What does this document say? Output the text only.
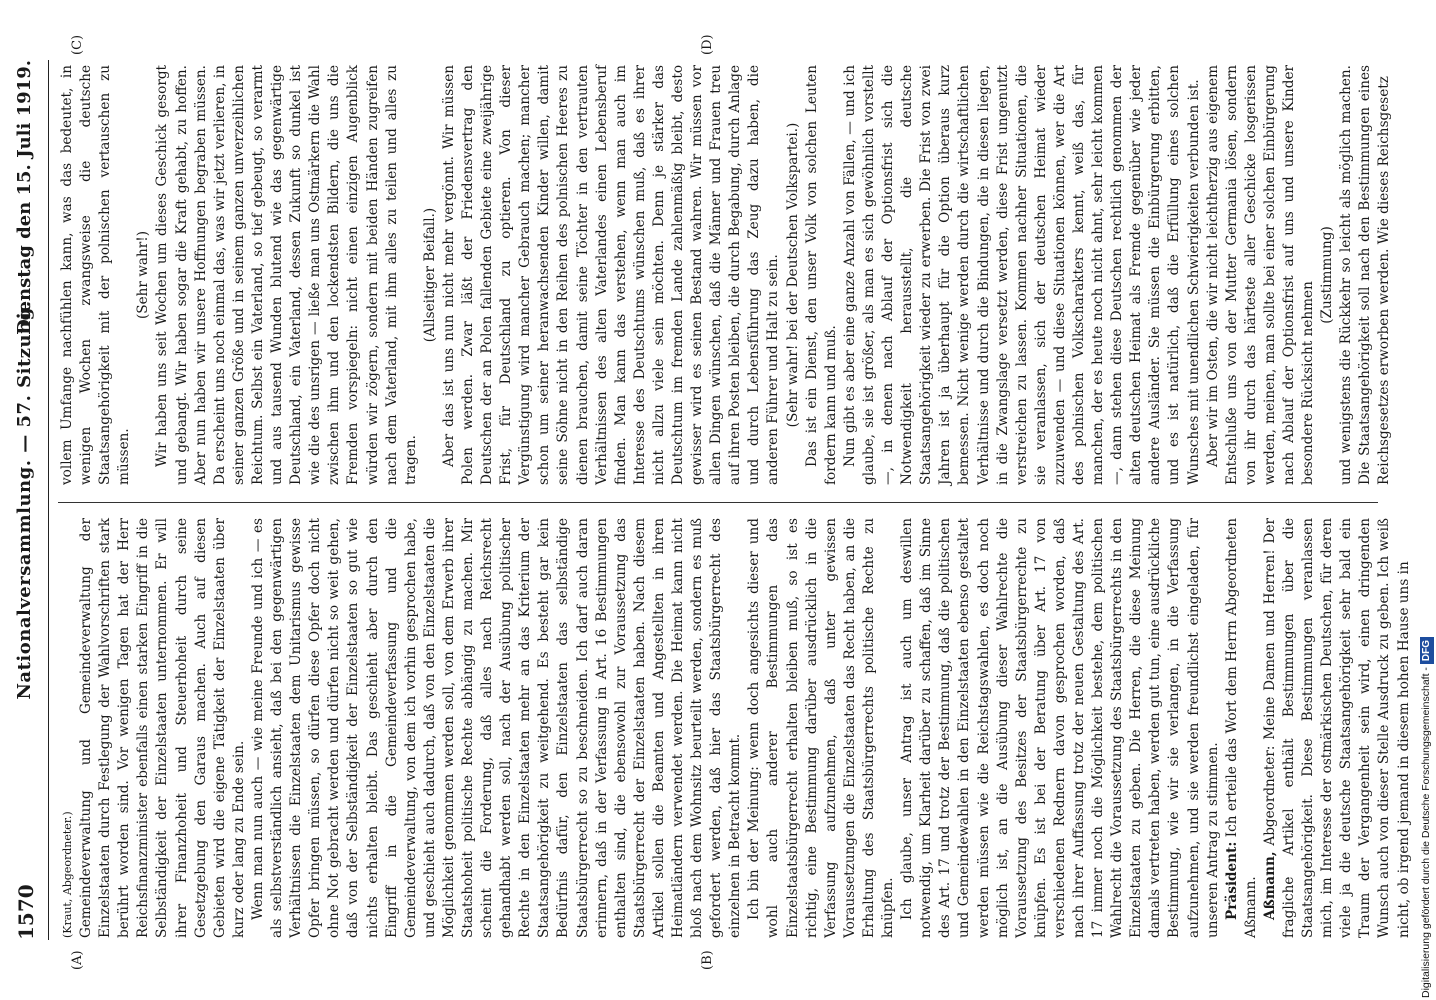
1570
Nationalversammlung. — 57. Sitzung.
Dienstag den 15. Juli 1919.
(A)	(B)
(C)	(D)

(Kraut, Abgeordneter.) Gemeindeverwaltung und Gemeindeverwaltung der Einzelstaaten durch Festlegung der Wahlvorschriften stark berührt worden sind. Vor wenigen Tagen hat der Herr Reichsfinanzminister ebenfalls einen starken Eingriff in die Selbständigkeit der Einzelstaaten unternommen. Er will ihrer Finanzhoheit und Steuerhoheit durch seine Gesetzgebung den Garaus machen. Auch auf diesen Gebieten wird die eigene Tätigkeit der Einzelstaaten über kurz oder lang zu Ende sein. Wenn man nun auch — wie meine Freunde und ich — es als selbstverständlich ansieht, daß bei den gegenwärtigen Verhältnissen die Einzelstaaten dem Unitarismus gewisse Opfer bringen müssen, so dürfen diese Opfer doch nicht ohne Not gebracht werden und dürfen nicht so weit gehen, daß von der Selbständigkeit der Einzelstaaten so gut wie nichts erhalten bleibt. Das geschieht aber durch den Eingriff in die Gemeindeverfassung und die Gemeindeverwaltung, von dem ich vorhin gesprochen habe, und geschieht auch dadurch, daß von den Einzelstaaten die Möglichkeit genommen werden soll, von dem Erwerb ihrer Staatshoheit politische Rechte abhängig zu machen. Mir scheint die Forderung, daß alles nach Reichsrecht gehandhabt werden soll, nach der Ausübung politischer Rechte in den Einzelstaaten mehr an das Kriterium der Staatsangehörigkeit zu weitgehend. Es besteht gar kein Bedürfnis dafür, den Einzelstaaten das selbständige Staatsbürgerrecht so zu beschneiden. Ich darf auch daran erinnern, daß in der Verfassung in Art. 16 Bestimmungen enthalten sind, die ebensowohl zur Voraussetzung das Staatsbürgerrecht der Einzelstaaten haben. Nach diesem Artikel sollen die Beamten und Angestellten in ihren Heimatländern verwendet werden. Die Heimat kann nicht bloß nach dem Wohnsitz beurteilt werden, sondern es muß gefordert werden, daß hier das Staatsbürgerrecht des einzelnen in Betracht kommt. Ich bin der Meinung: wenn doch angesichts dieser und wohl auch anderer Bestimmungen das Einzelstaatsbürgerrecht erhalten bleiben muß, so ist es richtig, eine Bestimmung darüber ausdrücklich in die Verfassung aufzunehmen, daß unter gewissen Voraussetzungen die Einzelstaaten das Recht haben, an die Erhaltung des Staatsbürgerrechts politische Rechte zu knüpfen. Ich glaube, unser Antrag ist auch um deswillen notwendig, um Klarheit darüber zu schaffen, daß im Sinne des Art. 17 und trotz der Bestimmung, daß die politischen und Gemeindewahlen in den Einzelstaaten ebenso gestaltet werden müssen wie die Reichstagswahlen, es doch noch möglich ist, an die Ausübung dieser Wahlrechte die Voraussetzung des Besitzes der Staatsbürgerrechte zu knüpfen. Es ist bei der Beratung über Art. 17 von verschiedenen Rednern davon gesprochen worden, daß nach ihrer Auffassung trotz der neuen Gestaltung des Art. 17 immer noch die Möglichkeit bestehe, dem politischen Wahlrecht die Voraussetzung des Staatsbürgerrechts in den Einzelstaaten zu geben. Die Herren, die diese Meinung damals vertreten haben, werden gut tun, eine ausdrückliche Bestimmung, wie wir sie verlangen, in die Verfassung aufzunehmen, und sie werden freundlichst eingeladen, für unseren Antrag zu stimmen. Präsident: Ich erteile das Wort dem Herrn Abgeordneten Aßmann. Aßmann, Abgeordneter: Meine Damen und Herren! Der fragliche Artikel enthält Bestimmungen über die Staatsangehörigkeit. Diese Bestimmungen veranlassen mich, im Interesse der ostmärkischen Deutschen, für deren viele ja die deutsche Staatsangehörigkeit sehr bald ein Traum der Vergangenheit sein wird, einen dringenden Wunsch auch von dieser Stelle Ausdruck zu geben. Ich weiß nicht, ob irgend jemand in diesem hohen Hause uns in

vollem Umfange nachfühlen kann, was das bedeutet, in wenigen Wochen zwangsweise die deutsche Staatsangehörigkeit mit der polnischen vertauschen zu müssen.

(Sehr wahr!) Wir haben uns seit Wochen um dieses Geschick gesorgt und gebangt. Wir haben sogar die Kraft gehabt, zu hoffen. Aber nun haben wir unsere Hoffnungen begraben müssen. Da erscheint uns noch einmal das, was wir jetzt verlieren, in seiner ganzen Größe und in seinem ganzen unverzeihlichen Reichtum. Selbst ein Vaterland, so tief gebeugt, so verarmt und aus tausend Wunden blutend wie das gegenwärtige Deutschland, ein Vaterland, dessen Zukunft so dunkel ist wie die des unsrigen — ließe man uns Ostmärkern die Wahl zwischen ihm und den lockendsten Bildern, die uns die Fremden vorspiegeln: nicht einen einzigen Augenblick würden wir zögern, sondern mit beiden Händen zugreifen nach dem Vaterland, mit ihm alles zu teilen und alles zu tragen.

(Allseitiger Beifall.) Aber das ist uns nun nicht mehr vergönnt. Wir müssen Polen werden. Zwar läßt der Friedensvertrag den Deutschen der an Polen fallenden Gebiete eine zweijährige Frist, für Deutschland zu optieren. Von dieser Vergünstigung wird mancher Gebrauch machen; mancher schon um seiner heranwachsenden Kinder willen, damit seine Söhne nicht in den Reihen des polnischen Heeres zu dienen brauchen, damit seine Töchter in den vertrauten Verhältnissen des alten Vaterlandes einen Lebensberuf finden. Man kann das verstehen, wenn man auch im Interesse des Deutschtums wünschen muß, daß es ihrer nicht allzu viele sein möchten. Denn je stärker das Deutschtum im fremden Lande zahlenmäßig bleibt, desto gewisser wird es seinen Bestand wahren. Wir müssen vor allen Dingen wünschen, daß die Männer und Frauen treu auf ihren Posten bleiben, die durch Begabung, durch Anlage und durch Lebensführung das Zeug dazu haben, die anderen Führer und Halt zu sein. (Sehr wahr! bei der Deutschen Volkspartei.) Das ist ein Dienst, den unser Volk von solchen Leuten fordern kann und muß. Nun gibt es aber eine ganze Anzahl von Fällen, — und ich glaube, sie ist größer, als man es sich gewöhnlich vorstellt —, in denen nach Ablauf der Optionsfrist sich die Notwendigkeit herausstellt, die deutsche Staatsangehörigkeit wieder zu erwerben. Die Frist von zwei Jahren ist ja überhaupt für die Option überaus kurz bemessen. Nicht wenige werden durch die wirtschaftlichen Verhältnisse und durch die Bindungen, die in diesen liegen, in die Zwangslage versetzt werden, diese Frist ungenutzt verstreichen zu lassen. Kommen nachher Situationen, die sie veranlassen, sich der deutschen Heimat wieder zuzuwenden — und diese Situationen können, wer die Art des polnischen Volkscharakters kennt, weiß das, für manchen, der es heute noch nicht ahnt, sehr leicht kommen —, dann stehen diese Deutschen rechtlich genommen der alten deutschen Heimat als Fremde gegenüber wie jeder andere Ausländer. Sie müssen die Einbürgerung erbitten, und es ist natürlich, daß die Erfüllung eines solchen Wunsches mit unendlichen Schwierigkeiten verbunden ist. Aber wir im Osten, die wir nicht leichtherzig aus eigenem Entschluße uns von der Mutter Germania lösen, sondern von ihr durch das härteste aller Geschicke losgerissen werden, meinen, man sollte bei einer solchen Einbürgerung nach Ablauf der Optionsfrist auf uns und unsere Kinder besondere Rücksicht nehmen

(Zustimmung) und wenigstens die Rückkehr so leicht als möglich machen. Die Staatsangehörigkeit soll nach den Bestimmungen eines Reichsgesetzes erworben werden. Wie dieses Reichsgesetz

Digitalisierung gefördert durch die Deutsche Forschungsgemeinschaft -DFG
